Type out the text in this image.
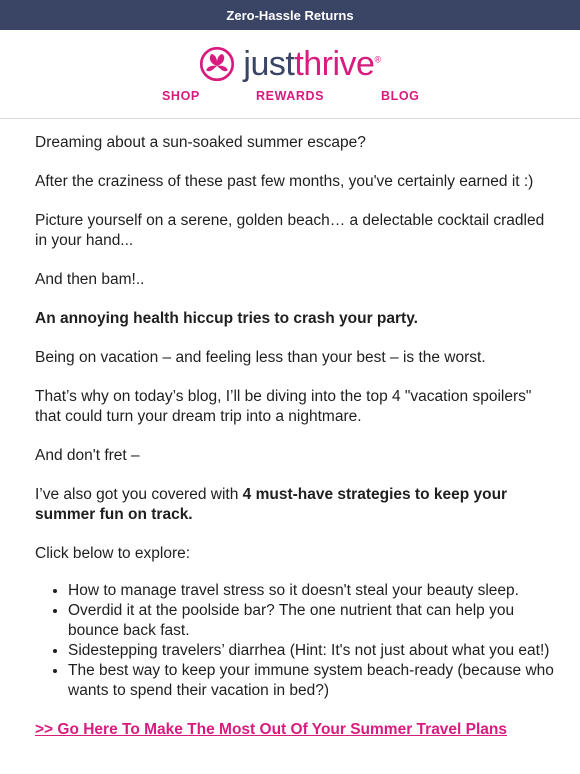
Zero-Hassle Returns
justthrive®
SHOP	REWARDS	BLOG

Dreaming about a sun-soaked summer escape?

After the craziness of these past few months, you've certainly earned it :)

Picture yourself on a serene, golden beach… a delectable cocktail cradled in your hand...

And then bam!..

An annoying health hiccup tries to crash your party.

Being on vacation – and feeling less than your best – is the worst.

That’s why on today’s blog, I’ll be diving into the top 4 "vacation spoilers" that could turn your dream trip into a nightmare.

And don't fret –

I’ve also got you covered with 4 must-have strategies to keep your summer fun on track.

Click below to explore:

• How to manage travel stress so it doesn't steal your beauty sleep.
• Overdid it at the poolside bar? The one nutrient that can help you bounce back fast.
• Sidestepping travelers’ diarrhea (Hint: It's not just about what you eat!)
• The best way to keep your immune system beach-ready (because who wants to spend their vacation in bed?)
>> Go Here To Make The Most Out Of Your Summer Travel Plans
